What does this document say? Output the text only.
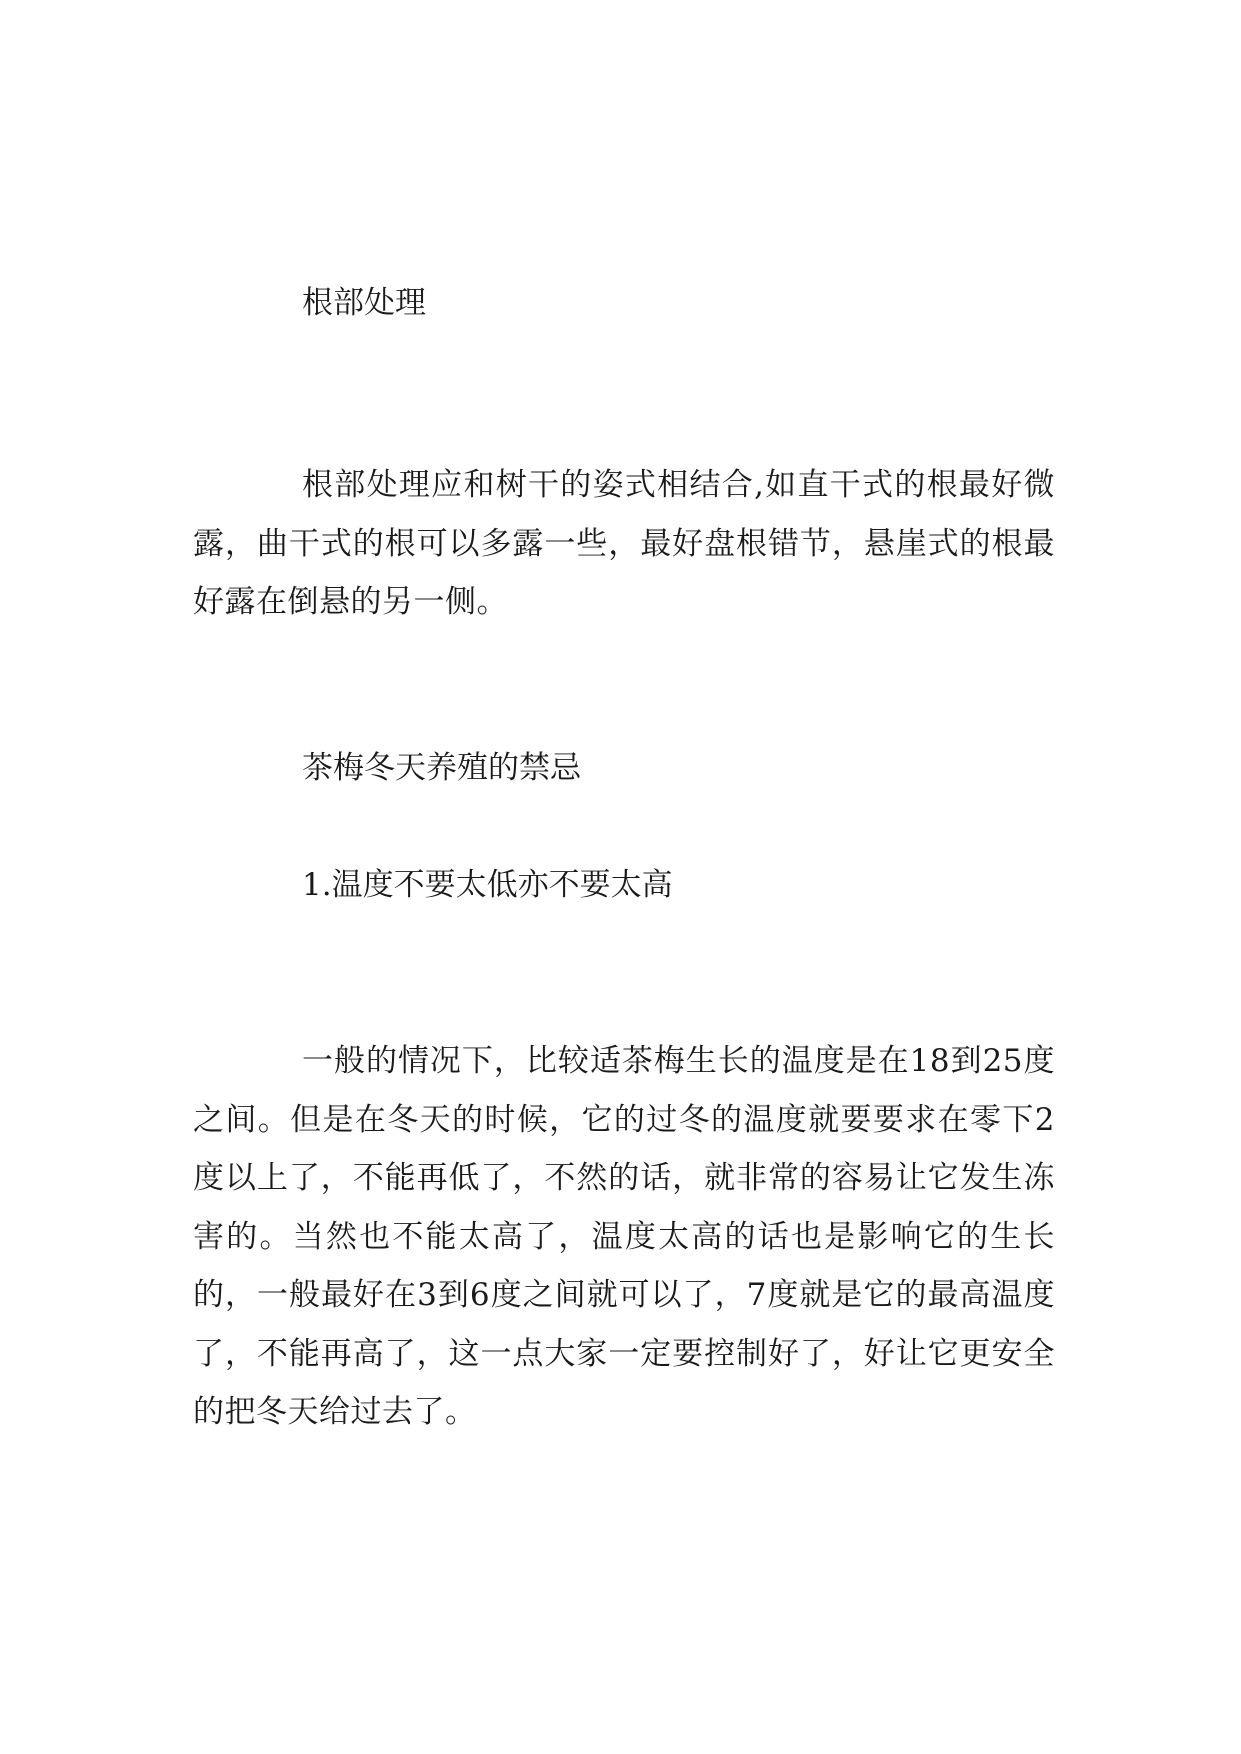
根部处理
根部处理应和树干的姿式相结合,如直干式的根最好微露，曲干式的根可以多露一些，最好盘根错节，悬崖式的根最好露在倒悬的另一侧。
茶梅冬天养殖的禁忌
1.温度不要太低亦不要太高
一般的情况下，比较适茶梅生长的温度是在18到25度之间。但是在冬天的时候，它的过冬的温度就要要求在零下2度以上了，不能再低了，不然的话，就非常的容易让它发生冻害的。当然也不能太高了，温度太高的话也是影响它的生长的，一般最好在3到6度之间就可以了，7度就是它的最高温度了，不能再高了，这一点大家一定要控制好了，好让它更安全的把冬天给过去了。
